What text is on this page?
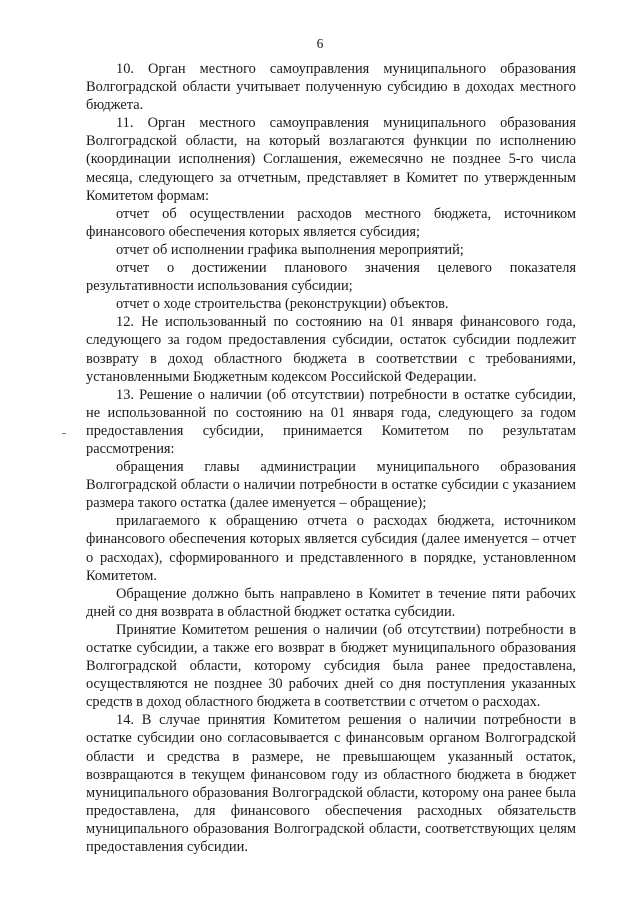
6

10. Орган местного самоуправления муниципального образования Волгоградской области учитывает полученную субсидию в доходах местного бюджета.

11. Орган местного самоуправления муниципального образования Волгоградской области, на который возлагаются функции по исполнению (координации исполнения) Соглашения, ежемесячно не позднее 5-го числа месяца, следующего за отчетным, представляет в Комитет по утвержденным Комитетом формам:

отчет об осуществлении расходов местного бюджета, источником финансового обеспечения которых является субсидия;

отчет об исполнении графика выполнения мероприятий;

отчет о достижении планового значения целевого показателя результативности использования субсидии;

отчет о ходе строительства (реконструкции) объектов.

12. Не использованный по состоянию на 01 января финансового года, следующего за годом предоставления субсидии, остаток субсидии подлежит возврату в доход областного бюджета в соответствии с требованиями, установленными Бюджетным кодексом Российской Федерации.

13. Решение о наличии (об отсутствии) потребности в остатке субсидии, не использованной по состоянию на 01 января года, следующего за годом предоставления субсидии, принимается Комитетом по результатам рассмотрения:

обращения главы администрации муниципального образования Волгоградской области о наличии потребности в остатке субсидии с указанием размера такого остатка (далее именуется – обращение);

прилагаемого к обращению отчета о расходах бюджета, источником финансового обеспечения которых является субсидия (далее именуется – отчет о расходах), сформированного и представленного в порядке, установленном Комитетом.

Обращение должно быть направлено в Комитет в течение пяти рабочих дней со дня возврата в областной бюджет остатка субсидии.

Принятие Комитетом решения о наличии (об отсутствии) потребности в остатке субсидии, а также его возврат в бюджет муниципального образования Волгоградской области, которому субсидия была ранее предоставлена, осуществляются не позднее 30 рабочих дней со дня поступления указанных средств в доход областного бюджета в соответствии с отчетом о расходах.

14. В случае принятия Комитетом решения о наличии потребности в остатке субсидии оно согласовывается с финансовым органом Волгоградской области и средства в размере, не превышающем указанный остаток, возвращаются в текущем финансовом году из областного бюджета в бюджет муниципального образования Волгоградской области, которому она ранее была предоставлена, для финансового обеспечения расходных обязательств муниципального образования Волгоградской области, соответствующих целям предоставления субсидии.
